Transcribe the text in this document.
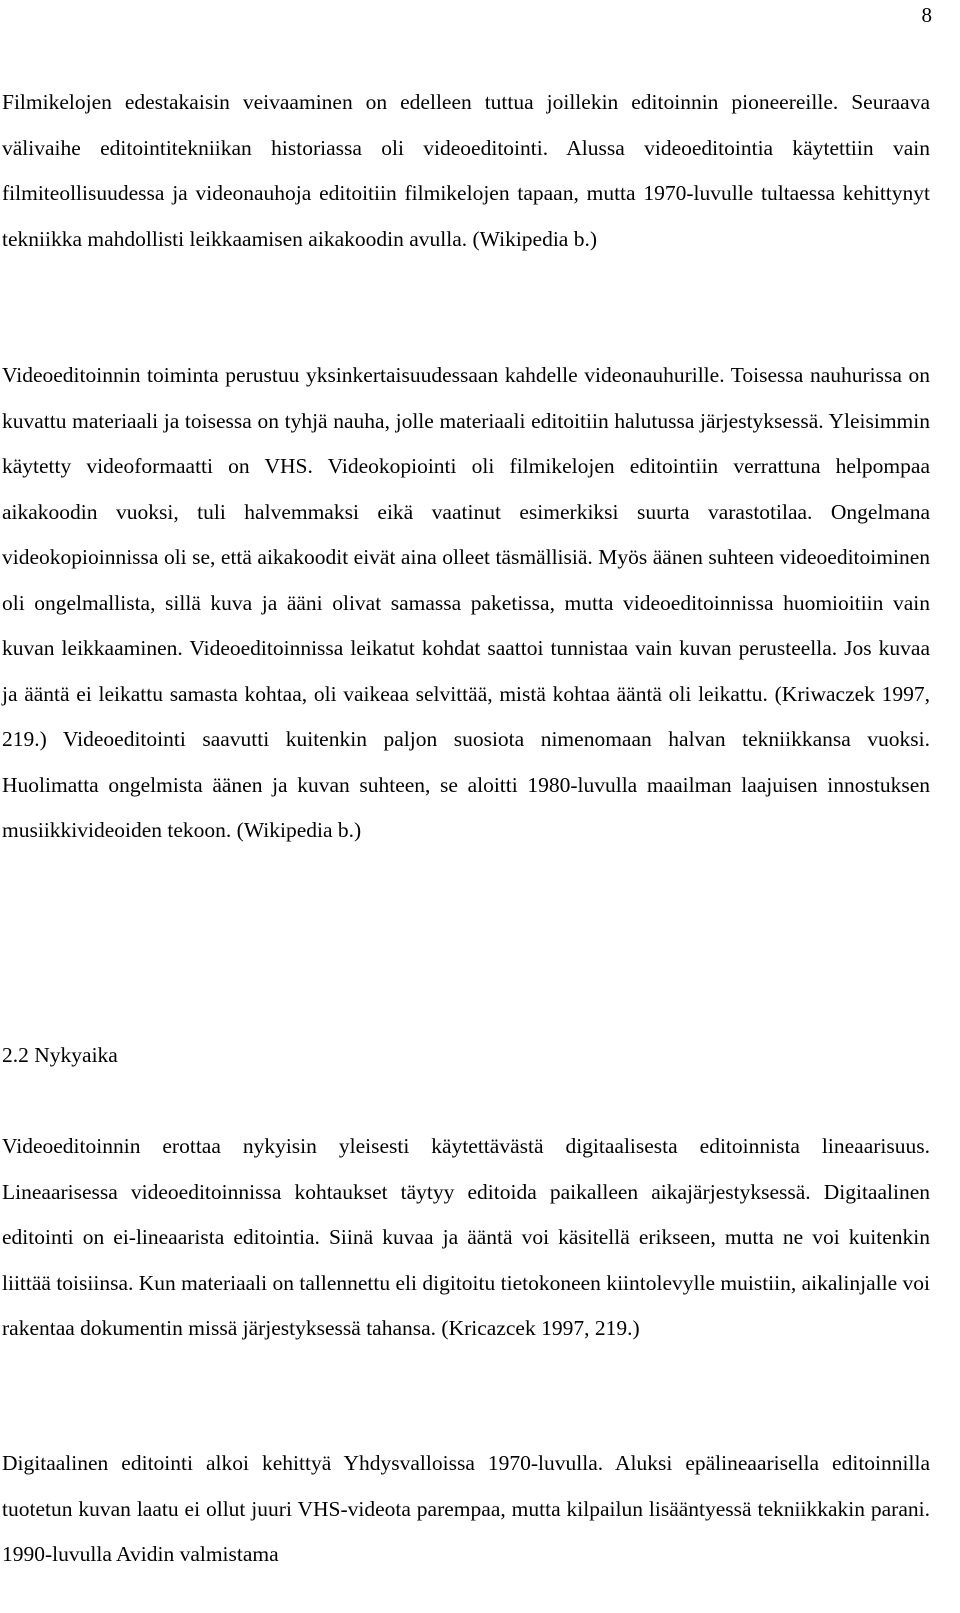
8

Filmikelojen edestakaisin veivaaminen on edelleen tuttua joillekin editoinnin pioneereille. Seuraava välivaihe editointitekniikan historiassa oli videoeditointi. Alussa videoeditointia käytettiin vain filmiteollisuudessa ja videonauhoja editoitiin filmikelojen tapaan, mutta 1970-luvulle tultaessa kehittynyt tekniikka mahdollisti leikkaamisen aikakoodin avulla. (Wikipedia b.)

Videoeditoinnin toiminta perustuu yksinkertaisuudessaan kahdelle videonauhurille. Toisessa nauhurissa on kuvattu materiaali ja toisessa on tyhjä nauha, jolle materiaali editoitiin halutussa järjestyksessä. Yleisimmin käytetty videoformaatti on VHS. Videokopiointi oli filmikelojen editointiin verrattuna helpompaa aikakoodin vuoksi, tuli halvemmaksi eikä vaatinut esimerkiksi suurta varastotilaa. Ongelmana videokopioinnissa oli se, että aikakoodit eivät aina olleet täsmällisiä. Myös äänen suhteen videoeditoiminen oli ongelmallista, sillä kuva ja ääni olivat samassa paketissa, mutta videoeditoinnissa huomioitiin vain kuvan leikkaaminen. Videoeditoinnissa leikatut kohdat saattoi tunnistaa vain kuvan perusteella. Jos kuvaa ja ääntä ei leikattu samasta kohtaa, oli vaikeaa selvittää, mistä kohtaa ääntä oli leikattu. (Kriwaczek 1997, 219.) Videoeditointi saavutti kuitenkin paljon suosiota nimenomaan halvan tekniikkansa vuoksi. Huolimatta ongelmista äänen ja kuvan suhteen, se aloitti 1980-luvulla maailman laajuisen innostuksen musiikkivideoiden tekoon. (Wikipedia b.)

2.2 Nykyaika

Videoeditoinnin erottaa nykyisin yleisesti käytettävästä digitaalisesta editoinnista lineaarisuus. Lineaarisessa videoeditoinnissa kohtaukset täytyy editoida paikalleen aikajärjestyksessä. Digitaalinen editointi on ei-lineaarista editointia. Siinä kuvaa ja ääntä voi käsitellä erikseen, mutta ne voi kuitenkin liittää toisiinsa. Kun materiaali on tallennettu eli digitoitu tietokoneen kiintolevylle muistiin, aikalinjalle voi rakentaa dokumentin missä järjestyksessä tahansa. (Kricazcek 1997, 219.)

Digitaalinen editointi alkoi kehittyä Yhdysvalloissa 1970-luvulla. Aluksi epälineaarisella editoinnilla tuotetun kuvan laatu ei ollut juuri VHS-videota parempaa, mutta kilpailun lisääntyessä tekniikkakin parani. 1990-luvulla Avidin valmistama
